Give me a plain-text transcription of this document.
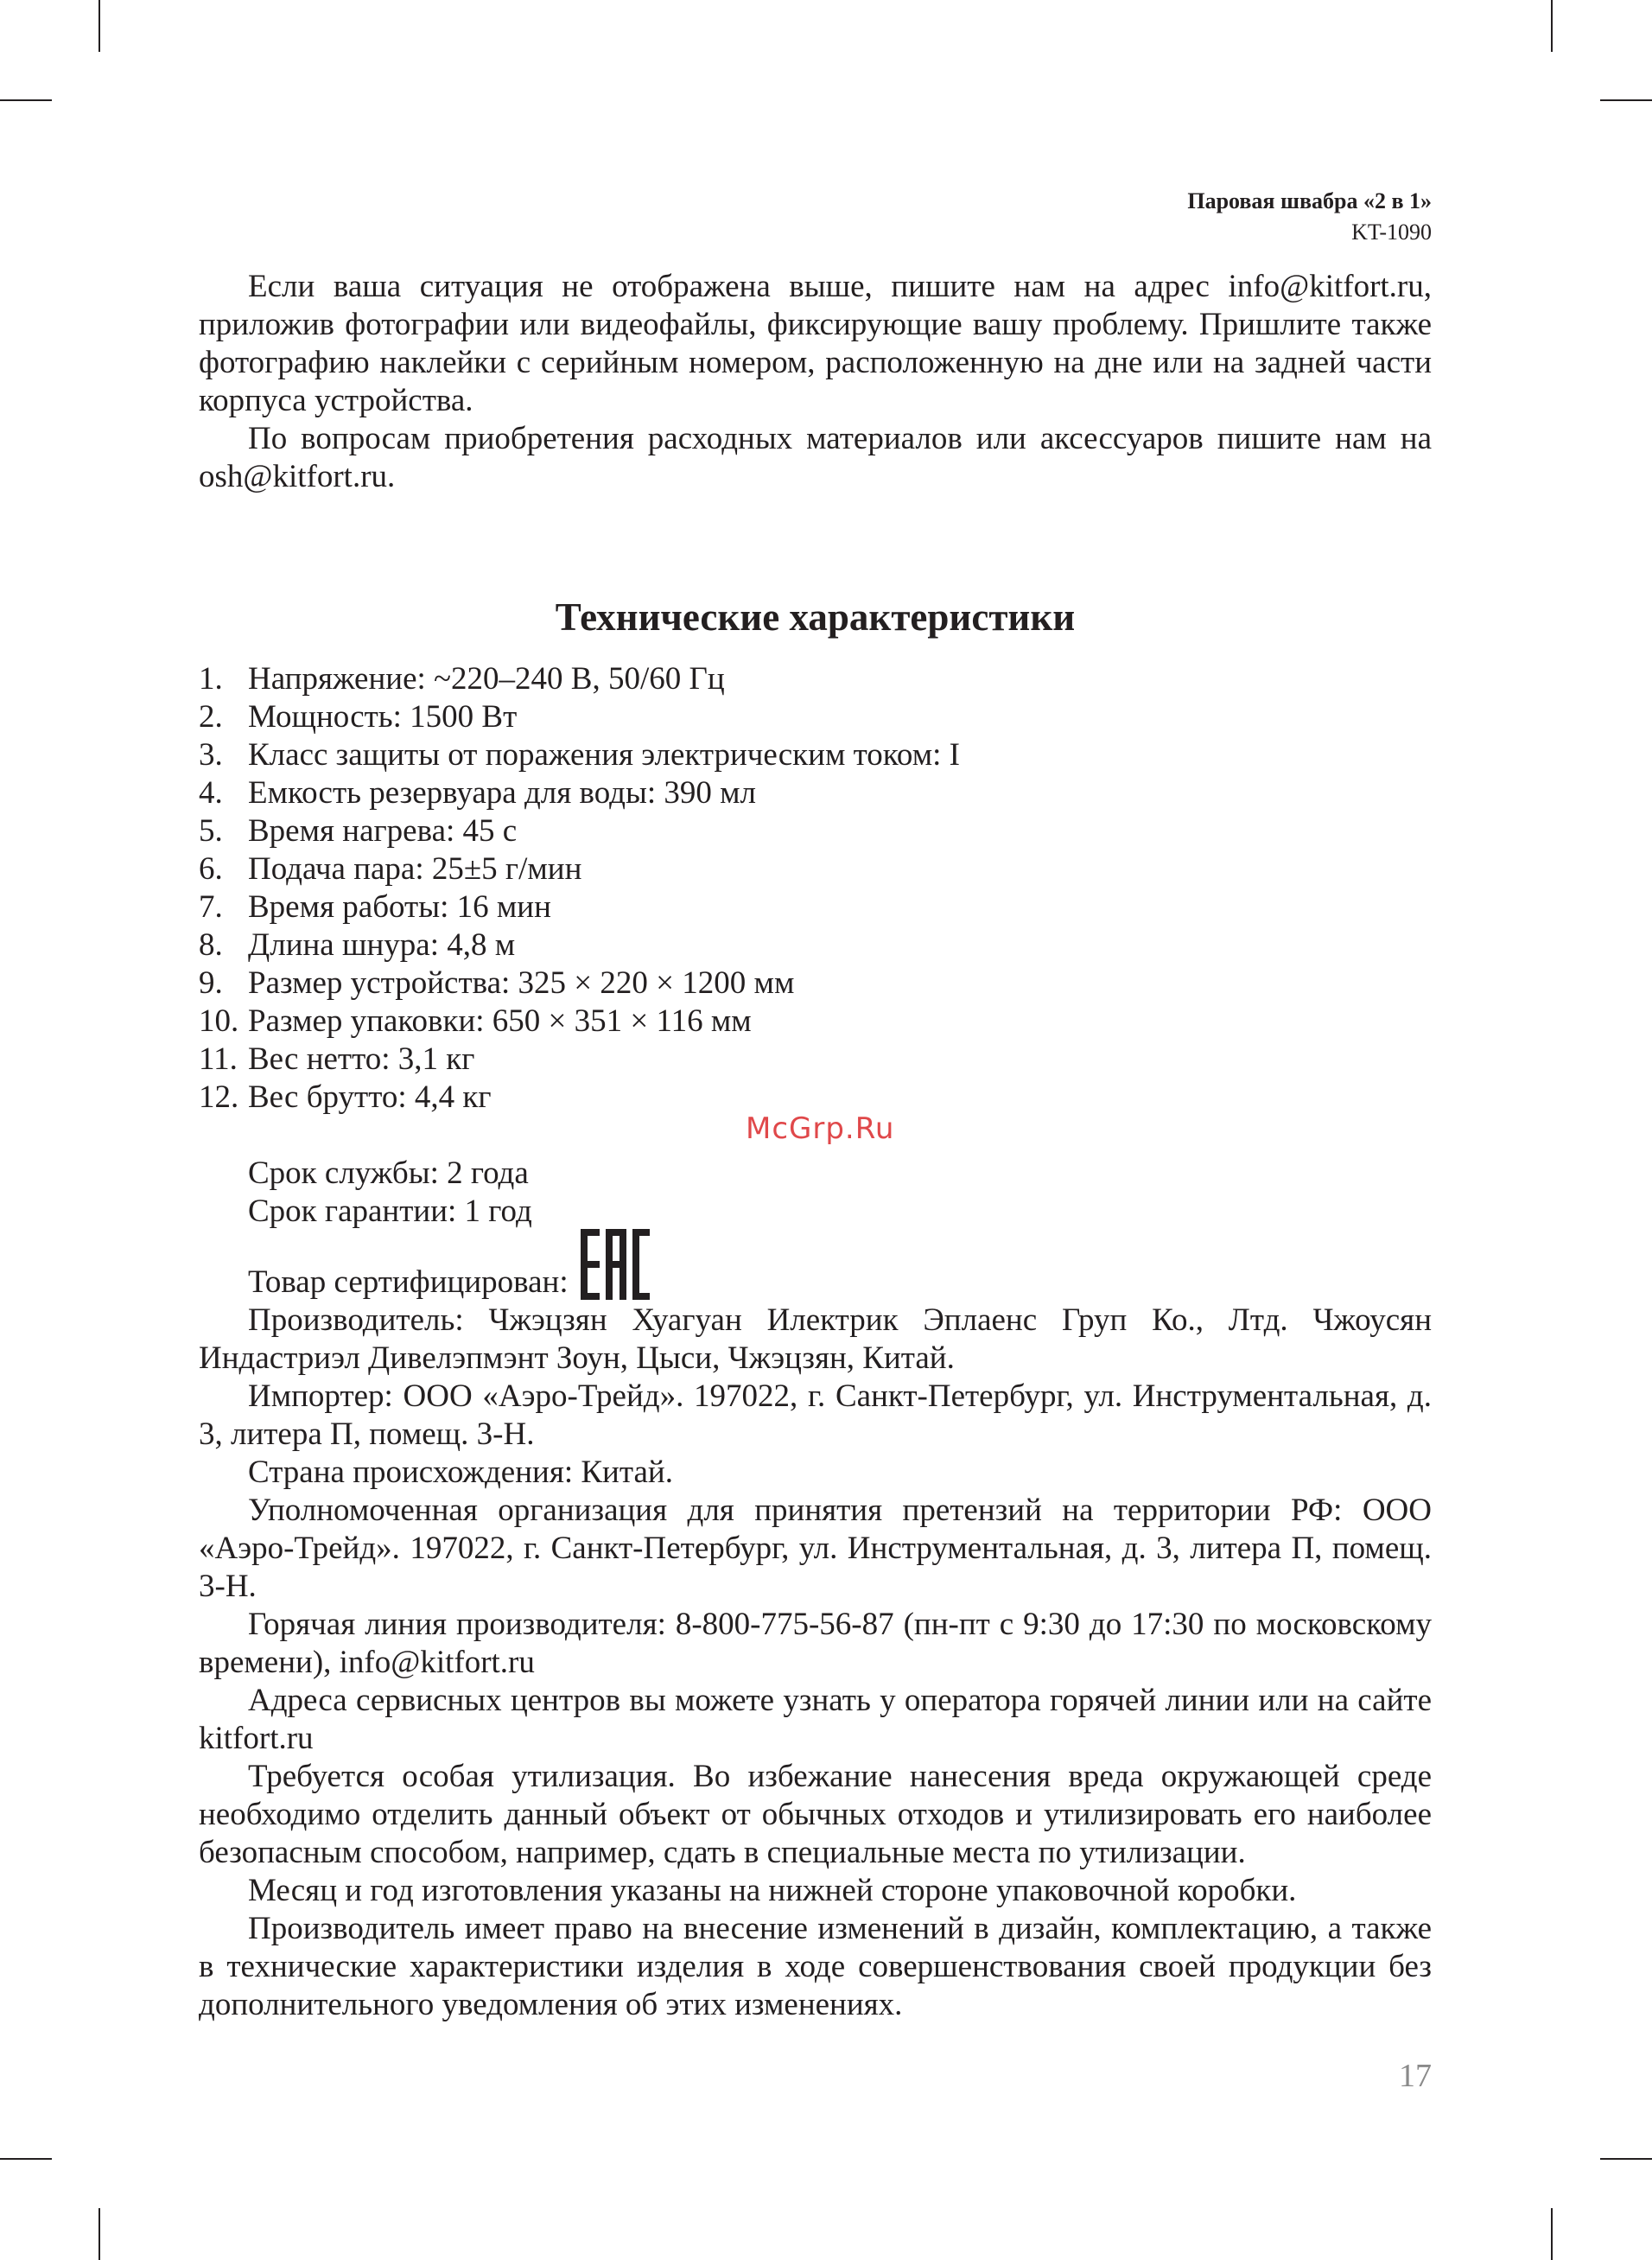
Паровая швабра «2 в 1»
KT-1090

Если ваша ситуация не отображена выше, пишите нам на адрес info@kitfort.ru, приложив фотографии или видеофайлы, фиксирующие вашу проблему. Пришлите также фотографию наклейки с серийным номером, расположенную на дне или на задней части корпуса устройства.

По вопросам приобретения расходных материалов или аксессуаров пишите нам на osh@kitfort.ru.

Технические характеристики
1. Напряжение: ~220–240 В, 50/60 Гц
2. Мощность: 1500 Вт
3. Класс защиты от поражения электрическим током: I
4. Емкость резервуара для воды: 390 мл
5. Время нагрева: 45 с
6. Подача пара: 25±5 г/мин
7. Время работы: 16 мин
8. Длина шнура: 4,8 м
9. Размер устройства: 325 × 220 × 1200 мм
10. Размер упаковки: 650 × 351 × 116 мм
11. Вес нетто: 3,1 кг
12. Вес брутто: 4,4 кг

Срок службы: 2 года

Срок гарантии: 1 год

Товар сертифицирован:

Производитель: Чжэцзян Хуагуан Илектрик Эплаенс Груп Ко., Лтд. Чжоусян Индастриэл Дивелэпмэнт Зоун, Цыси, Чжэцзян, Китай.

Импортер: ООО «Аэро-Трейд». 197022, г. Санкт-Петербург, ул. Инструментальная, д. 3, литера П, помещ. 3-Н.

Страна происхождения: Китай.

Уполномоченная организация для принятия претензий на территории РФ: ООО «Аэро-Трейд». 197022, г. Санкт-Петербург, ул. Инструментальная, д. 3, литера П, помещ. 3-Н.

Горячая линия производителя: 8-800-775-56-87 (пн-пт с 9:30 до 17:30 по московскому времени), info@kitfort.ru

Адреса сервисных центров вы можете узнать у оператора горячей линии или на сайте kitfort.ru

Требуется особая утилизация. Во избежание нанесения вреда окружающей среде необходимо отделить данный объект от обычных отходов и утилизировать его наиболее безопасным способом, например, сдать в специальные места по утилизации.

Месяц и год изготовления указаны на нижней стороне упаковочной коробки.

Производитель имеет право на внесение изменений в дизайн, комплектацию, а также в технические характеристики изделия в ходе совершенствования своей продукции без дополнительного уведомления об этих изменениях.

McGrp.Ru
17
